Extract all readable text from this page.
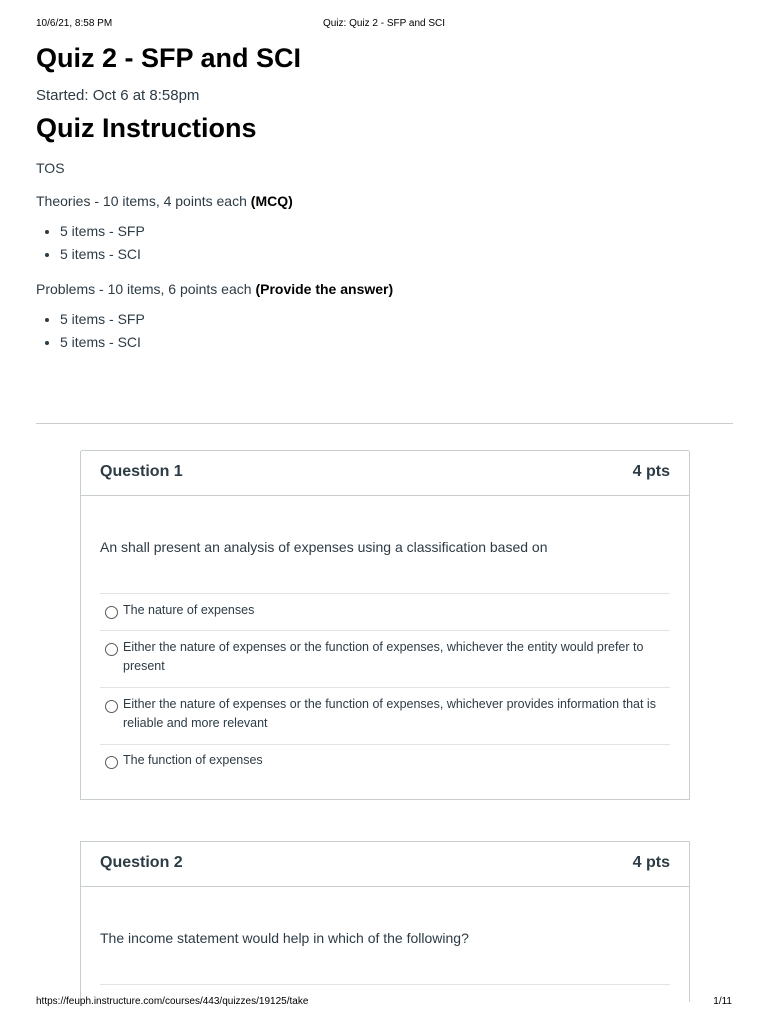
10/6/21, 8:58 PM	Quiz: Quiz 2 - SFP and SCI
Quiz 2 - SFP and SCI
Started: Oct 6 at 8:58pm
Quiz Instructions

TOS

Theories - 10 items, 4 points each (MCQ)

• 5 items - SFP
• 5 items - SCI

Problems - 10 items, 6 points each (Provide the answer)

• 5 items - SFP
• 5 items - SCI
Question 1	4 pts
An shall present an analysis of expenses using a classification based on
The nature of expenses
Either the nature of expenses or the function of expenses, whichever the entity would prefer to present
Either the nature of expenses or the function of expenses, whichever provides information that is reliable and more relevant
The function of expenses
Question 2	4 pts
The income statement would help in which of the following?
https://feuph.instructure.com/courses/443/quizzes/19125/take	1/11
